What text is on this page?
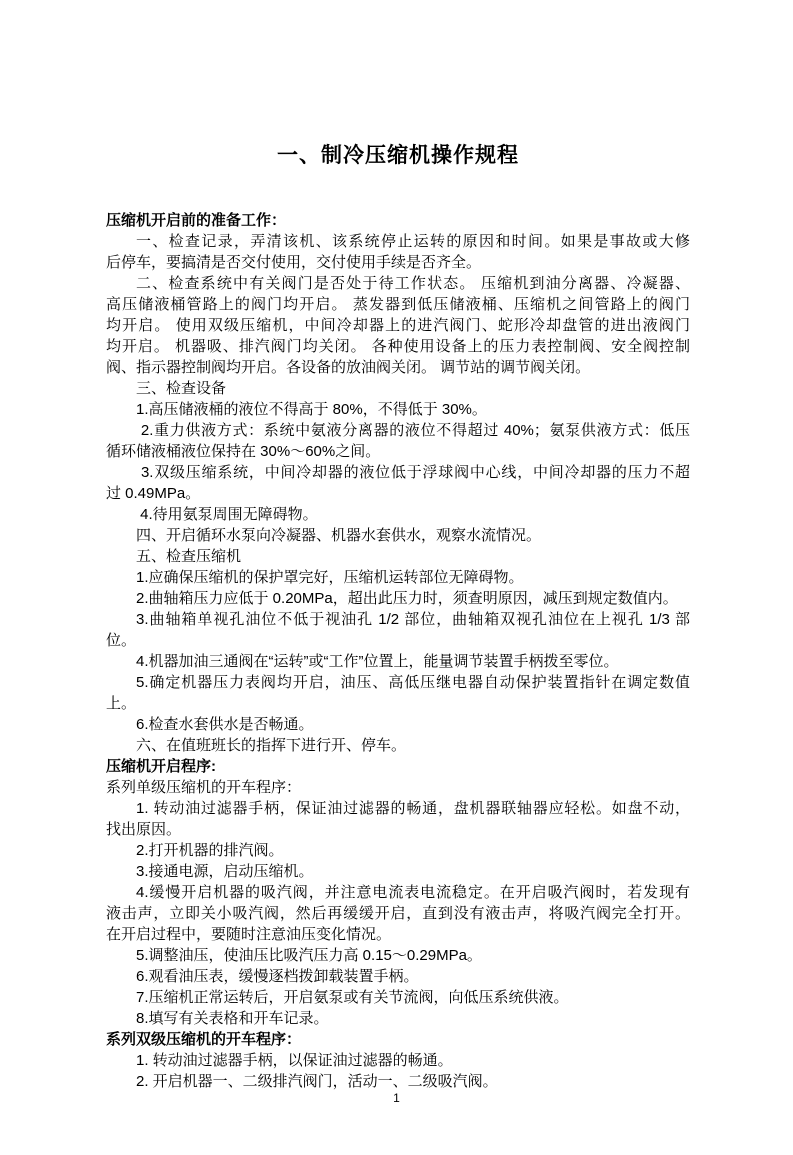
一、制冷压缩机操作规程
压缩机开启前的准备工作：
一、检查记录，弄清该机、该系统停止运转的原因和时间。如果是事故或大修
后停车，要搞清是否交付使用，交付使用手续是否齐全。
二、检查系统中有关阀门是否处于待工作状态。 压缩机到油分离器、冷凝器、
高压储液桶管路上的阀门均开启。 蒸发器到低压储液桶、压缩机之间管路上的阀门
均开启。 使用双级压缩机，中间冷却器上的进汽阀门、蛇形冷却盘管的进出液阀门
均开启。 机器吸、排汽阀门均关闭。 各种使用设备上的压力表控制阀、安全阀控制
阀、指示器控制阀均开启。各设备的放油阀关闭。 调节站的调节阀关闭。
三、检查设备
1.高压储液桶的液位不得高于 80%，不得低于 30%。
2.重力供液方式：系统中氨液分离器的液位不得超过 40%；氨泵供液方式：低压
循环储液桶液位保持在 30%～60%之间。
3.双级压缩系统，中间冷却器的液位低于浮球阀中心线，中间冷却器的压力不超
过 0.49MPa。
4.待用氨泵周围无障碍物。
四、开启循环水泵向冷凝器、机器水套供水，观察水流情况。
五、检查压缩机
1.应确保压缩机的保护罩完好，压缩机运转部位无障碍物。
2.曲轴箱压力应低于 0.20MPa，超出此压力时，须查明原因，减压到规定数值内。
3.曲轴箱单视孔油位不低于视油孔 1/2 部位，曲轴箱双视孔油位在上视孔 1/3 部
位。
4.机器加油三通阀在“运转”或“工作”位置上，能量调节装置手柄拨至零位。
5.确定机器压力表阀均开启，油压、高低压继电器自动保护装置指针在调定数值
上。
6.检查水套供水是否畅通。
六、在值班班长的指挥下进行开、停车。
压缩机开启程序:
系列单级压缩机的开车程序：
1. 转动油过滤器手柄，保证油过滤器的畅通，盘机器联轴器应轻松。如盘不动，
找出原因。
2.打开机器的排汽阀。
3.接通电源，启动压缩机。
4.缓慢开启机器的吸汽阀，并注意电流表电流稳定。在开启吸汽阀时，若发现有
液击声，立即关小吸汽阀，然后再缓缓开启，直到没有液击声，将吸汽阀完全打开。
在开启过程中，要随时注意油压变化情况。
5.调整油压，使油压比吸汽压力高 0.15～0.29MPa。
6.观看油压表，缓慢逐档拨卸载装置手柄。
7.压缩机正常运转后，开启氨泵或有关节流阀，向低压系统供液。
8.填写有关表格和开车记录。
系列双级压缩机的开车程序：
1. 转动油过滤器手柄，以保证油过滤器的畅通。
2. 开启机器一、二级排汽阀门，活动一、二级吸汽阀。
1
